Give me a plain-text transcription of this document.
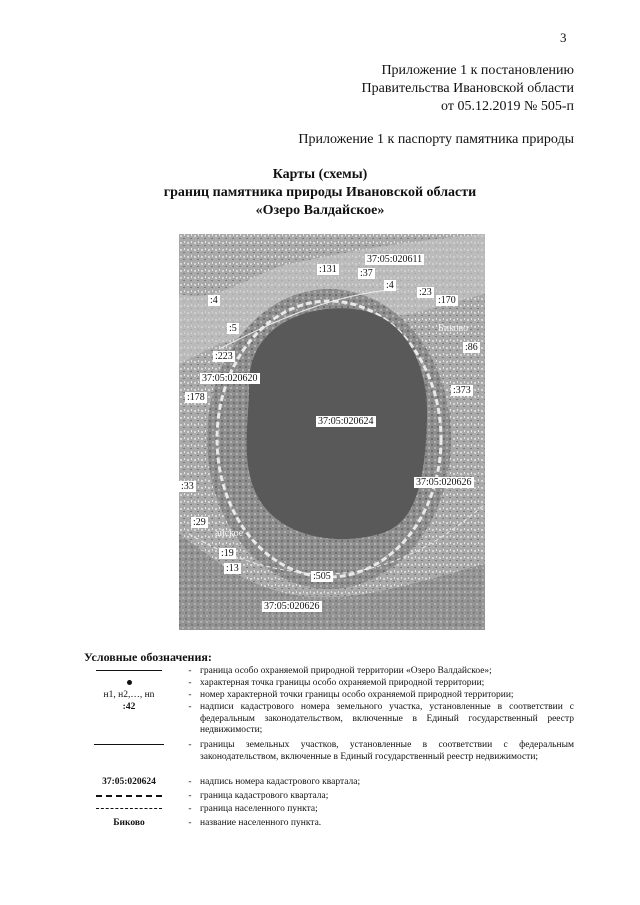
3
Приложение 1 к постановлению
Правительства Ивановской области
от 05.12.2019 № 505-п
Приложение 1 к паспорту памятника природы
Карты (схемы)
границ памятника природы Ивановской области
«Озеро Валдайское»
37:05:020611
:131 :37
:4
:23
:170
:4
Биково
:5
:86
:223
37:05:020620
:373
:178
37:05:020624
37:05:020626
:33
:29
айское
:19
:13
:505
37:05:020626
Условные обозначения:
- граница особо охраняемой природной территории «Озеро Валдайское»;
- характерная точка границы особо охраняемой природной территории;
н1, н2,…, нn	- номер характерной точки границы особо охраняемой природной территории;
:42	- надписи кадастрового номера земельного участка, установленные в соответствии с федеральным законодательством, включенные в Единый государственный реестр недвижимости;
- границы земельных участков, установленные в соответствии с федеральным законодательством, включенные в Единый государственный реестр недвижимости;
37:05:020624	- надпись номера кадастрового квартала;
- граница кадастрового квартала;
- граница населенного пункта;
Биково	- название населенного пункта.
